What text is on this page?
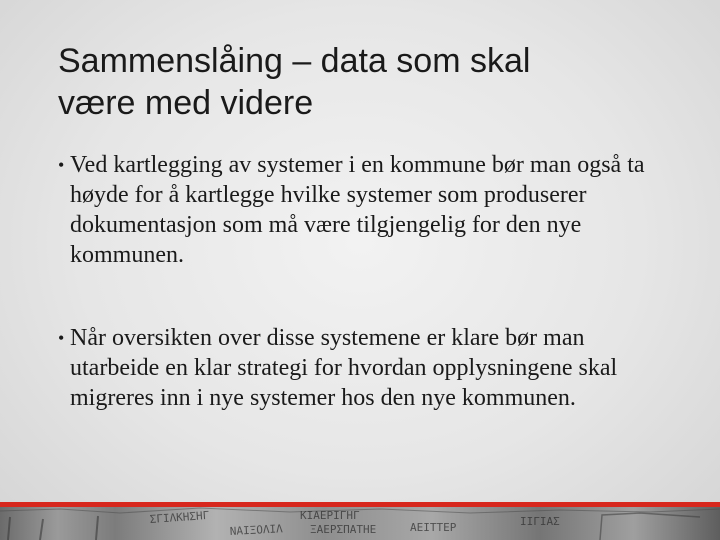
Sammenslåing – data som skal
være med videre
• Ved kartlegging av systemer i en kommune bør man også ta høyde for å kartlegge hvilke systemer som produserer dokumentasjon som må være tilgjengelig for den nye kommunen.
• Når oversikten over disse systemene er klare bør man utarbeide en klar strategi for hvordan opplysningene skal migreres inn i nye systemer hos den nye kommunen.
ΣΓΙΛΚΗΣΗΓ
ΝΑΙΞΟΛΙΛ
ΚΙΑΕΡΙΓΗΓ
ΞΑΕΡΣΠΑΤΗΕ	ΑΕΙΤΤΕΡ	ΙΙΓΙΑΣ
